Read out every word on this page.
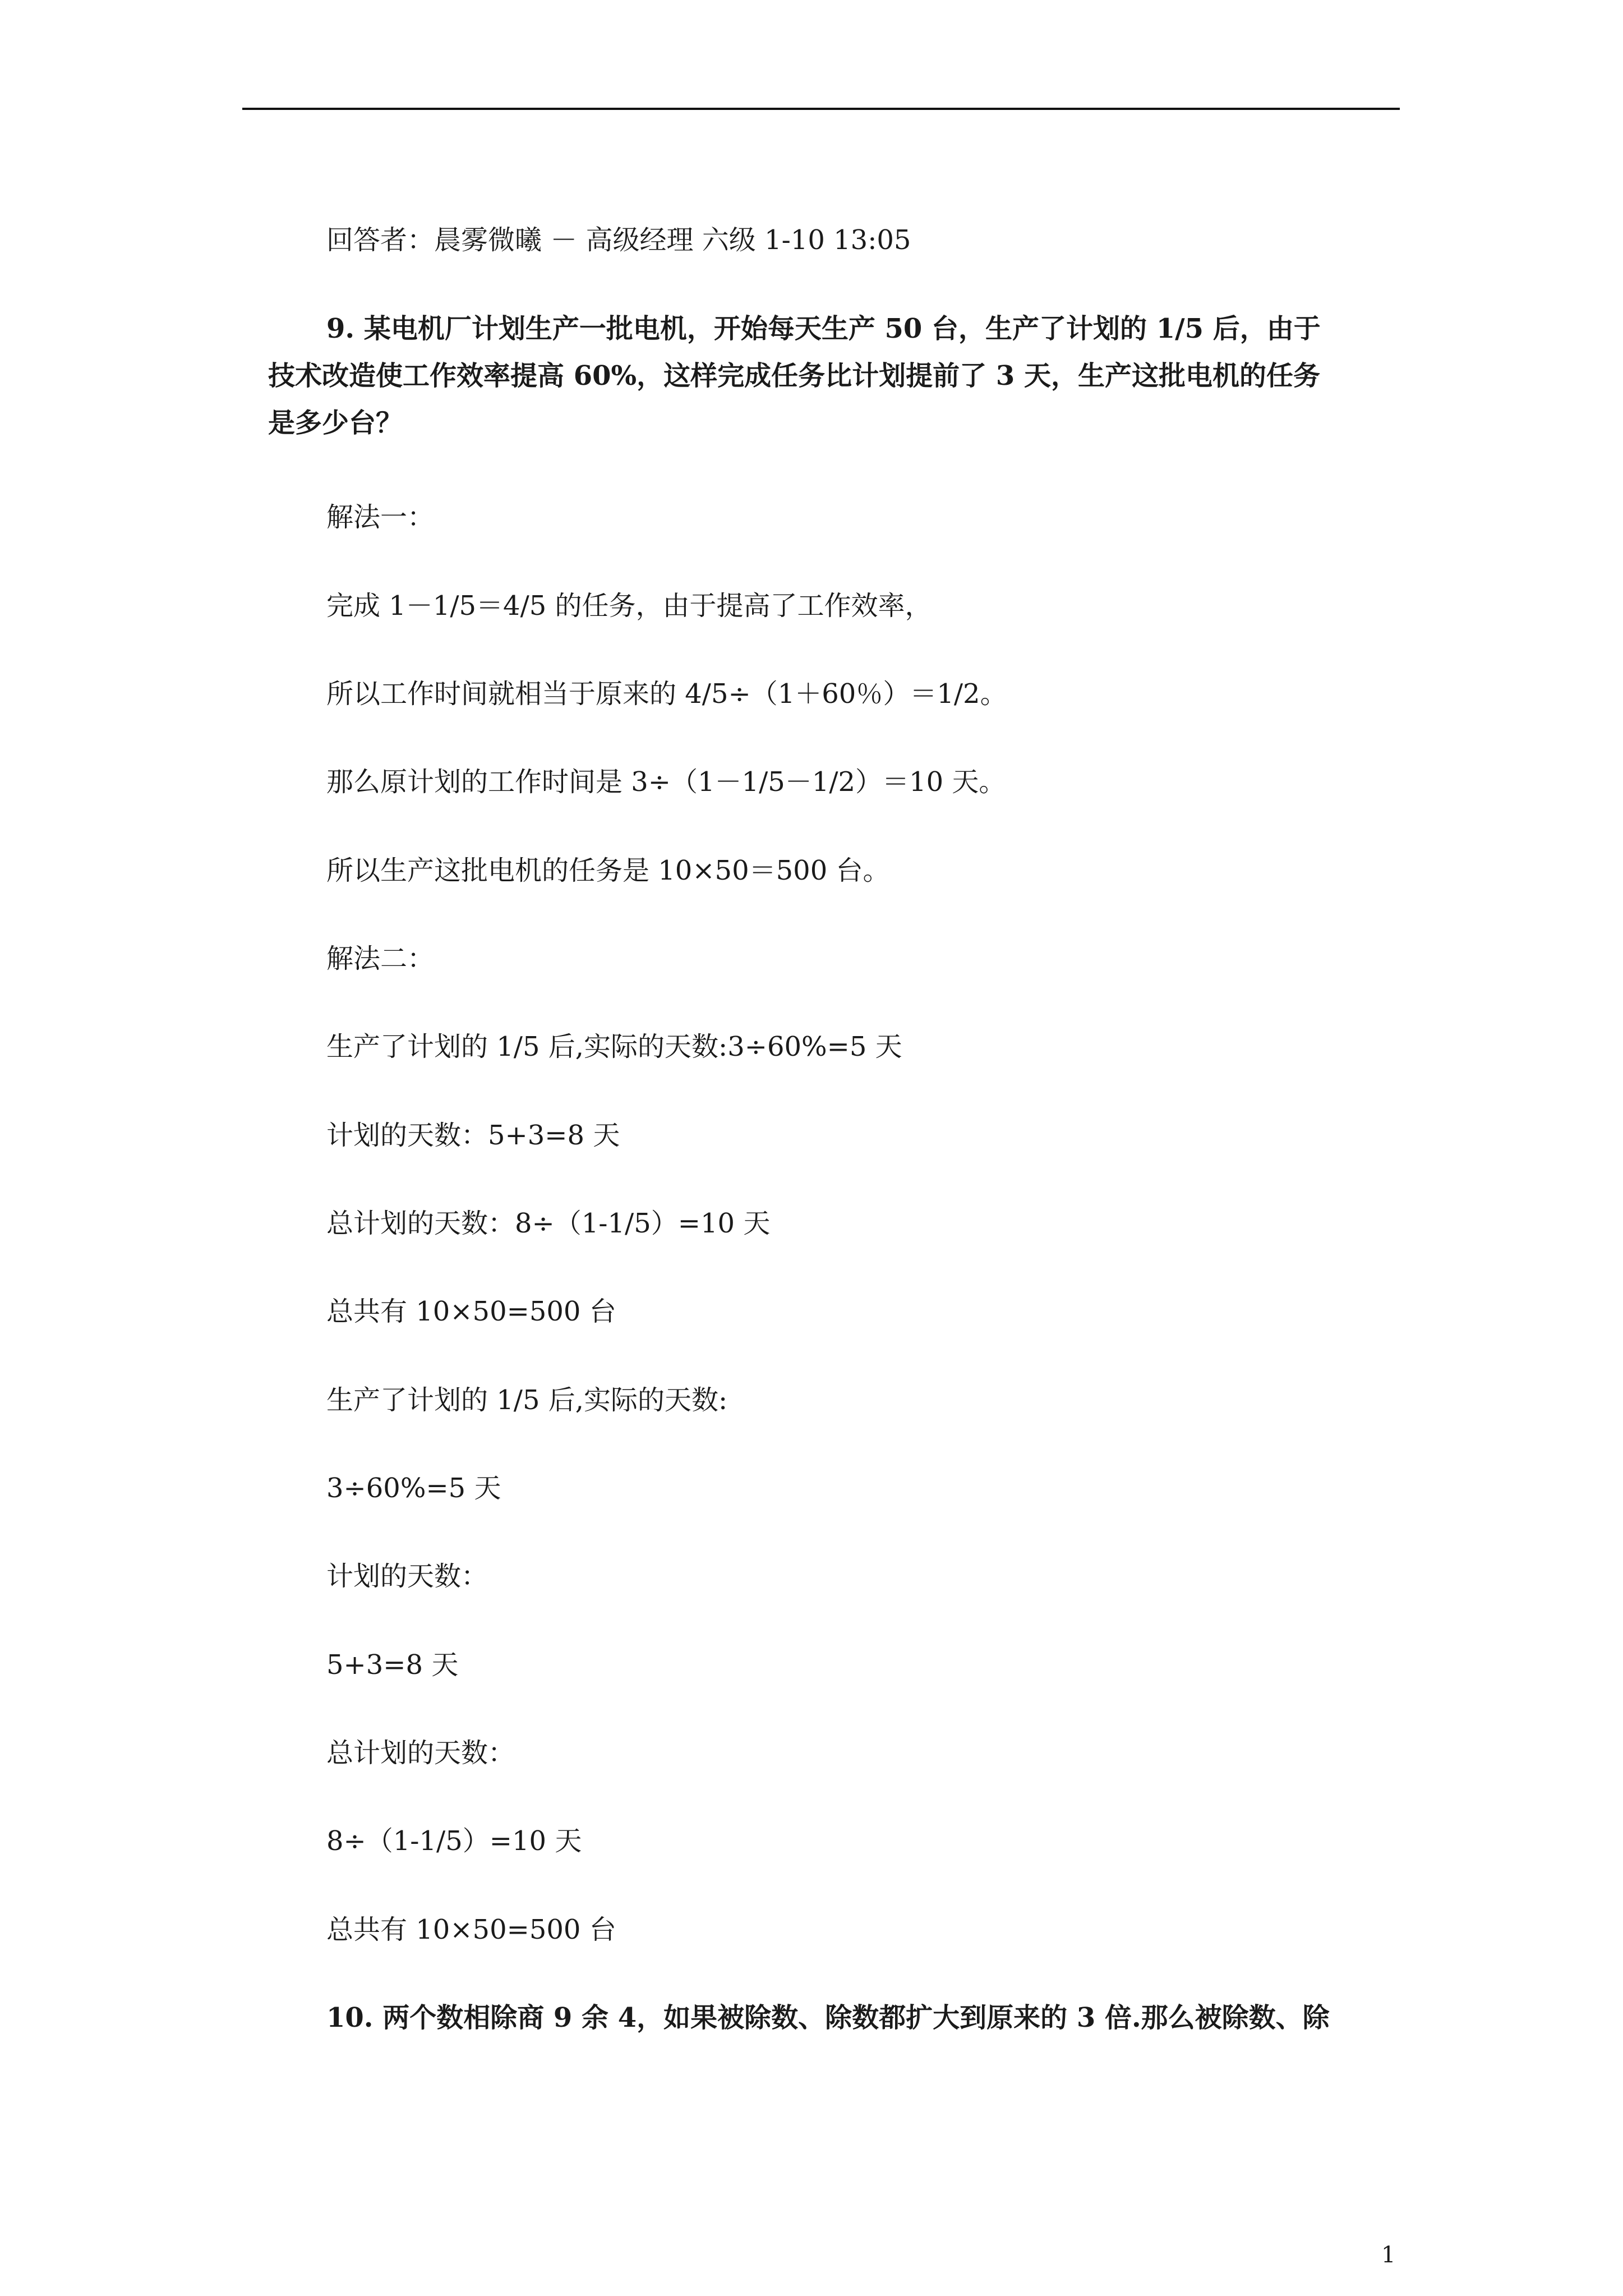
回答者：晨雾微曦 － 高级经理 六级 1-10 13:05
9. 某电机厂计划生产一批电机，开始每天生产 50 台，生产了计划的 1/5 后，由于
技术改造使工作效率提高 60%，这样完成任务比计划提前了 3 天，生产这批电机的任务
是多少台？
解法一：
完成 1－1/5＝4/5 的任务，由于提高了工作效率，
所以工作时间就相当于原来的 4/5÷（1＋60％）＝1/2。
那么原计划的工作时间是 3÷（1－1/5－1/2）＝10 天。
所以生产这批电机的任务是 10×50＝500 台。
解法二：
生产了计划的 1/5 后,实际的天数:3÷60%=5 天
计划的天数：5+3=8 天
总计划的天数：8÷（1-1/5）=10 天
总共有 10×50=500 台
生产了计划的 1/5 后,实际的天数:
3÷60%=5 天
计划的天数：
5+3=8 天
总计划的天数：
8÷（1-1/5）=10 天
总共有 10×50=500 台
10. 两个数相除商 9 余 4，如果被除数、除数都扩大到原来的 3 倍.那么被除数、除
1
